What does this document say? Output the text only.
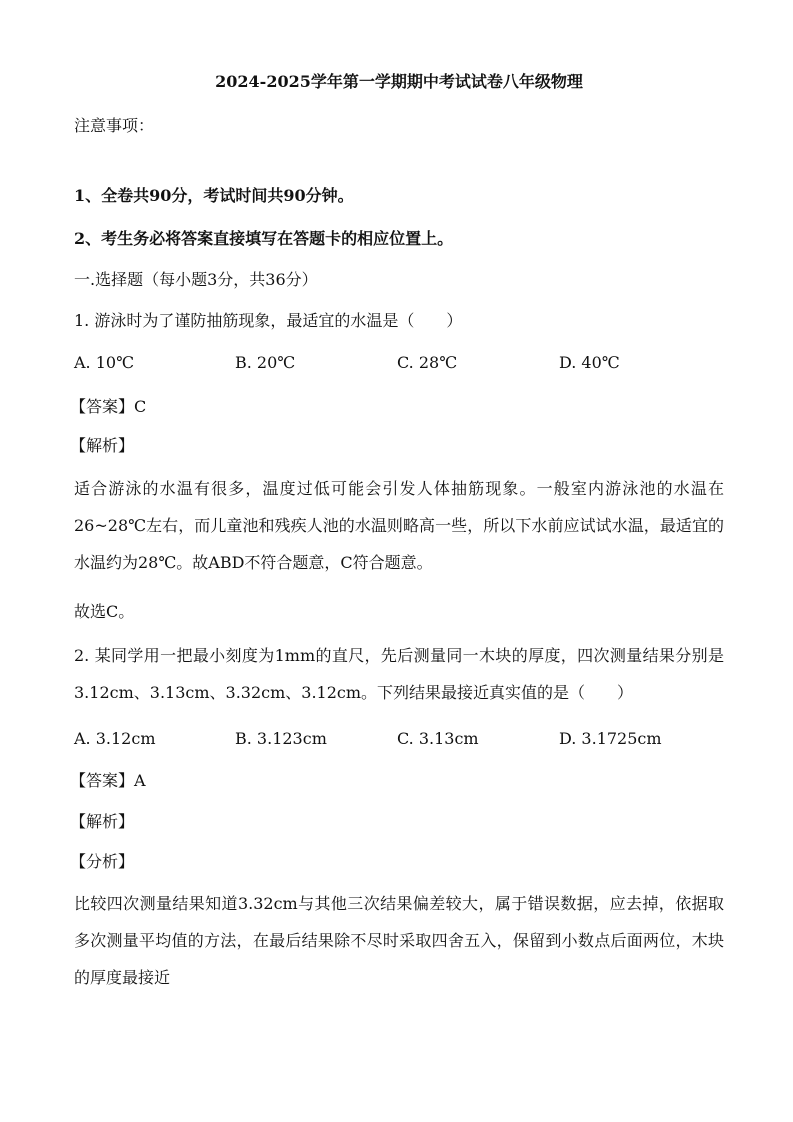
2024-2025学年第一学期期中考试试卷八年级物理
注意事项：
1、全卷共90分，考试时间共90分钟。
2、考生务必将答案直接填写在答题卡的相应位置上。
一.选择题（每小题3分，共36分）
1. 游泳时为了谨防抽筋现象，最适宜的水温是（　　）
A. 10℃	B. 20℃	C. 28℃	D. 40℃
【答案】C
【解析】
适合游泳的水温有很多，温度过低可能会引发人体抽筋现象。一般室内游泳池的水温在26~28℃左右，而儿童池和残疾人池的水温则略高一些，所以下水前应试试水温，最适宜的水温约为28℃。故ABD不符合题意，C符合题意。
故选C。
2. 某同学用一把最小刻度为1mm的直尺，先后测量同一木块的厚度，四次测量结果分别是3.12cm、3.13cm、3.32cm、3.12cm。下列结果最接近真实值的是（　　）
A. 3.12cm	B. 3.123cm	C. 3.13cm	D. 3.1725cm
【答案】A
【解析】
【分析】
比较四次测量结果知道3.32cm与其他三次结果偏差较大，属于错误数据，应去掉，依据取多次测量平均值的方法，在最后结果除不尽时采取四舍五入，保留到小数点后面两位，木块的厚度最接近
